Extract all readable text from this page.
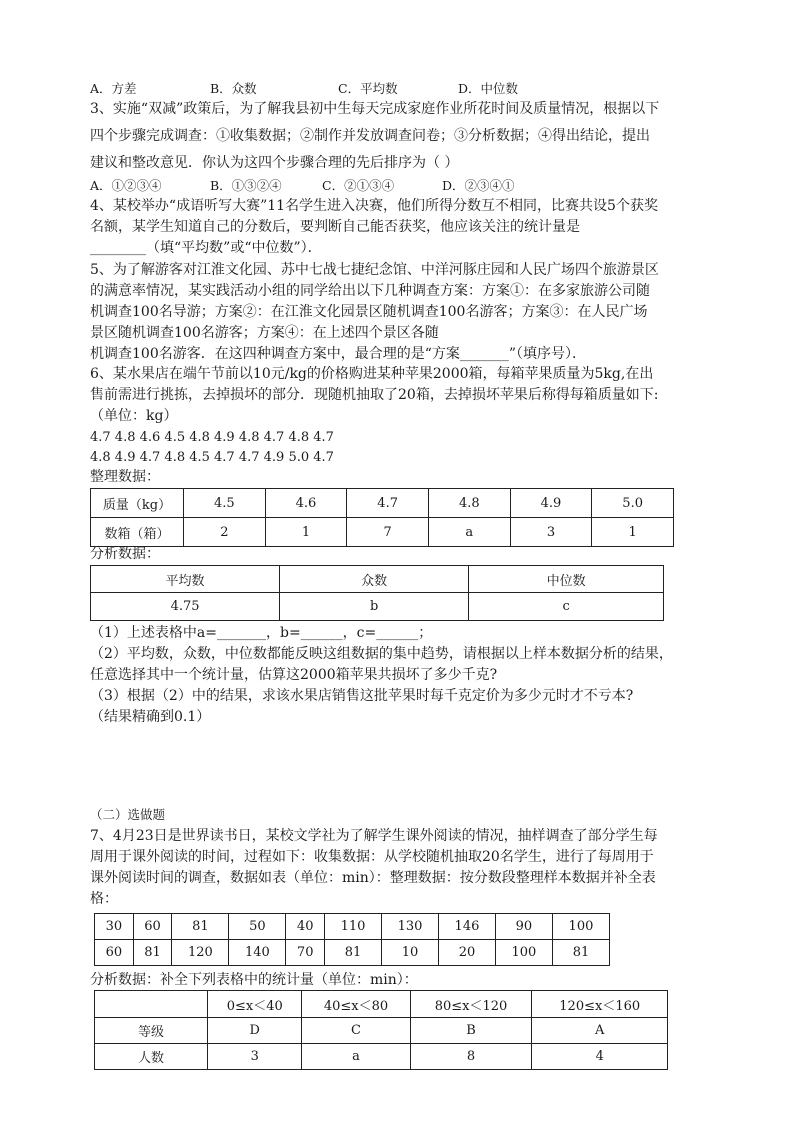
A．方差	B．众数	C．平均数	D．中位数
3、实施“双减”政策后，为了解我县初中生每天完成家庭作业所花时间及质量情况，根据以下
四个步骤完成调查：①收集数据；②制作并发放调查问卷；③分析数据；④得出结论，提出
建议和整改意见．你认为这四个步骤合理的先后排序为（ ）
A．①②③④	B．①③②④	C．②①③④	D．②③④①
4、某校举办“成语听写大赛”11名学生进入决赛，他们所得分数互不相同，比赛共设5个获奖
名额，某学生知道自己的分数后，要判断自己能否获奖，他应该关注的统计量是
________（填“平均数”或“中位数”）．
5、为了解游客对江淮文化园、苏中七战七捷纪念馆、中洋河豚庄园和人民广场四个旅游景区
的满意率情况，某实践活动小组的同学给出以下几种调查方案：方案①：在多家旅游公司随
机调查100名导游；方案②：在江淮文化园景区随机调查100名游客；方案③：在人民广场
景区随机调查100名游客；方案④：在上述四个景区各随
机调查100名游客．在这四种调查方案中，最合理的是“方案_______”（填序号）．
6、某水果店在端午节前以10元/kg的价格购进某种苹果2000箱，每箱苹果质量为5kg,在出
售前需进行挑拣，去掉损坏的部分．现随机抽取了20箱，去掉损坏苹果后称得每箱质量如下:
（单位：kg）
4.7 4.8 4.6 4.5 4.8 4.9 4.8 4.7 4.8 4.7
4.8 4.9 4.7 4.8 4.5 4.7 4.7 4.9 5.0 4.7
整理数据：
质量（kg）	4.5	4.6	4.7	4.8	4.9	5.0
数箱（箱）	2	1	7	a	3	1
分析数据：
平均数	众数	中位数
4.75	b	c
（1）上述表格中a=_______，b=______，c=______；
（2）平均数，众数，中位数都能反映这组数据的集中趋势，请根据以上样本数据分析的结果，
任意选择其中一个统计量，估算这2000箱苹果共损坏了多少千克?
（3）根据（2）中的结果，求该水果店销售这批苹果时每千克定价为多少元时才不亏本?
（结果精确到0.1）
（二）选做题
7、4月23日是世界读书日，某校文学社为了解学生课外阅读的情况，抽样调查了部分学生每
周用于课外阅读的时间，过程如下：收集数据：从学校随机抽取20名学生，进行了每周用于
课外阅读时间的调查，数据如表（单位：min）：整理数据：按分数段整理样本数据并补全表
格：
30	60	81	50	40	110	130	146	90	100
60	81	120	140	70	81	10	20	100	81
分析数据：补全下列表格中的统计量（单位：min）：
	0≤x＜40	40≤x＜80	80≤x＜120	120≤x＜160
等级	D	C	B	A
人数	3	a	8	4
